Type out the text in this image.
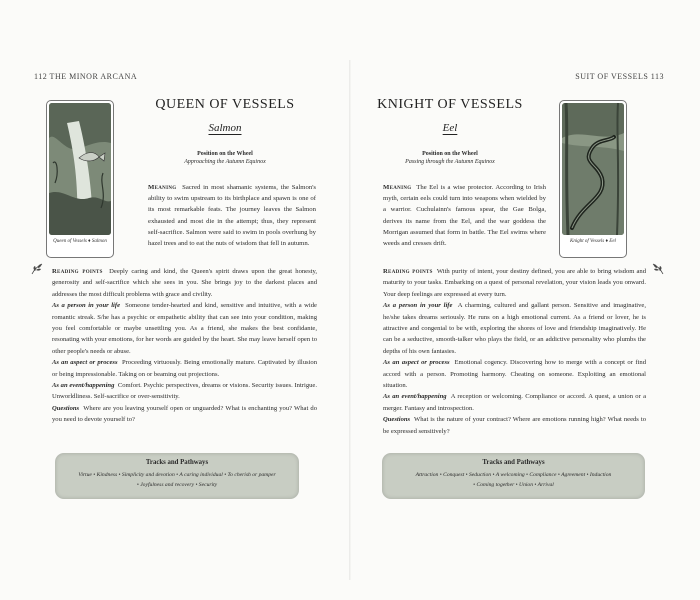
112 THE MINOR ARCANA
Queen of Vessels ♦ Salmon
QUEEN OF VESSELS
Salmon
Position on the Wheel
Approaching the Autumn Equinox
Meaning Sacred in most shamanic systems, the Salmon's ability to swim upstream to its birthplace and spawn is one of its most remarkable feats. The journey leaves the Salmon exhausted and most die in the attempt; thus, they represent self-sacrifice. Salmon were said to swim in pools overhung by hazel trees and to eat the nuts of wisdom that fell in autumn.
Reading points Deeply caring and kind, the Queen's spirit draws upon the great honesty, generosity and self-sacrifice which she sees in you. She brings joy to the darkest places and addresses the most difficult problems with grace and civility.
As a person in your life Someone tender-hearted and kind, sensitive and intuitive, with a wide romantic streak. S/he has a psychic or empathetic ability that can see into your condition, making you feel comfortable or maybe unsettling you. As a friend, she makes the best confidante, resonating with your emotions, for her words are guided by the heart. She may leave herself open to other people's needs or abuse.
As an aspect or process Proceeding virtuously. Being emotionally mature. Captivated by illusion or being impressionable. Taking on or beaming out projections.
As an event/happening Comfort. Psychic perspectives, dreams or visions. Security issues. Intrigue. Unworldliness. Self-sacrifice or over-sensitivity.
Questions Where are you leaving yourself open or unguarded? What is enchanting you? What do you need to devote yourself to?
Tracks and Pathways
Virtue • Kindness • Simplicity and devotion • A caring individual • To cherish or pamper
• Joyfulness and recovery • Security
SUIT OF VESSELS 113
KNIGHT OF VESSELS
Eel
Position on the Wheel
Passing through the Autumn Equinox
Knight of Vessels ♦ Eel
Meaning The Eel is a wise protector. According to Irish myth, certain eels could turn into weapons when wielded by a warrior. Cuchulainn's famous spear, the Gae Bolga, derives its name from the Eel, and the war goddess the Morrigan assumed that form in battle. The Eel swims where weeds and cresses drift.
Reading points With purity of intent, your destiny defined, you are able to bring wisdom and maturity to your tasks. Embarking on a quest of personal revelation, your vision leads you onward. Your deep feelings are expressed at every turn.
As a person in your life A charming, cultured and gallant person. Sensitive and imaginative, he/she takes dreams seriously. He runs on a high emotional current. As a friend or lover, he is attractive and congenial to be with, exploring the shores of love and friendship imaginatively. He can be a seductive, smooth-talker who plays the field, or an addictive personality who plumbs the depths of his own fantasies.
As an aspect or process Emotional cogency. Discovering how to merge with a concept or find accord with a person. Promoting harmony. Cheating on someone. Exploiting an emotional situation.
As an event/happening A reception or welcoming. Compliance or accord. A quest, a union or a merger. Fantasy and introspection.
Questions What is the nature of your contract? Where are emotions running high? What needs to be expressed sensitively?
Tracks and Pathways
Attraction • Conquest • Seduction • A welcoming • Compliance • Agreement • Induction
• Coming together • Union • Arrival
